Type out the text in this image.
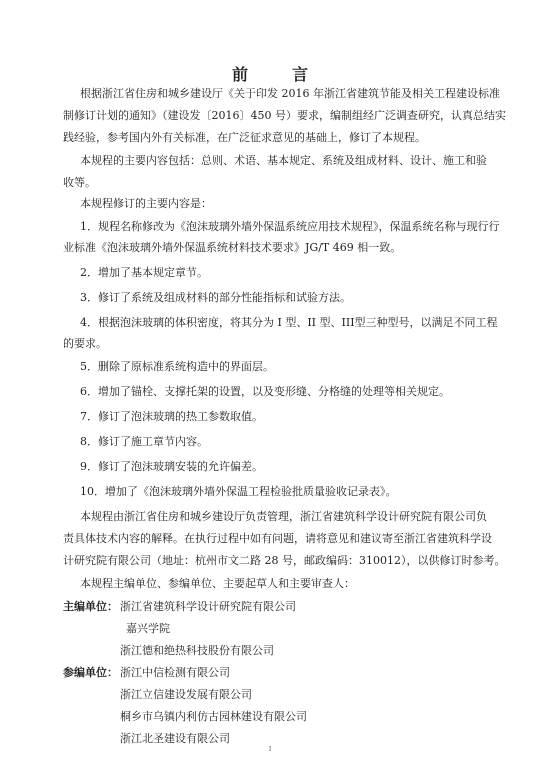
前　言
根据浙江省住房和城乡建设厅《关于印发 2016 年浙江省建筑节能及相关工程建设标准
制修订计划的通知》（建设发〔2016〕450 号）要求，编制组经广泛调查研究，认真总结实
践经验，参考国内外有关标准，在广泛征求意见的基础上，修订了本规程。
本规程的主要内容包括：总则、术语、基本规定、系统及组成材料、设计、施工和验
收等。
本规程修订的主要内容是：
1．规程名称修改为《泡沫玻璃外墙外保温系统应用技术规程》，保温系统名称与现行行
业标准《泡沫玻璃外墙外保温系统材料技术要求》JG/T 469 相一致。
2．增加了基本规定章节。
3．修订了系统及组成材料的部分性能指标和试验方法。
4．根据泡沫玻璃的体积密度，将其分为 I 型、II 型、III型三种型号，以满足不同工程
的要求。
5．删除了原标准系统构造中的界面层。
6．增加了锚栓、支撑托架的设置，以及变形缝、分格缝的处理等相关规定。
7．修订了泡沫玻璃的热工参数取值。
8．修订了施工章节内容。
9．修订了泡沫玻璃安装的允许偏差。
10．增加了《泡沫玻璃外墙外保温工程检验批质量验收记录表》。
本规程由浙江省住房和城乡建设厅负责管理，浙江省建筑科学设计研究院有限公司负
责具体技术内容的解释。在执行过程中如有问题，请将意见和建议寄至浙江省建筑科学设
计研究院有限公司（地址：杭州市文二路 28 号，邮政编码：310012），以供修订时参考。
本规程主编单位、参编单位、主要起草人和主要审查人：
主编单位： 浙江省建筑科学设计研究院有限公司
嘉兴学院
浙江德和绝热科技股份有限公司
参编单位： 浙江中信检测有限公司
浙江立信建设发展有限公司
桐乡市乌镇内利仿古园林建设有限公司
浙江北圣建设有限公司
I
